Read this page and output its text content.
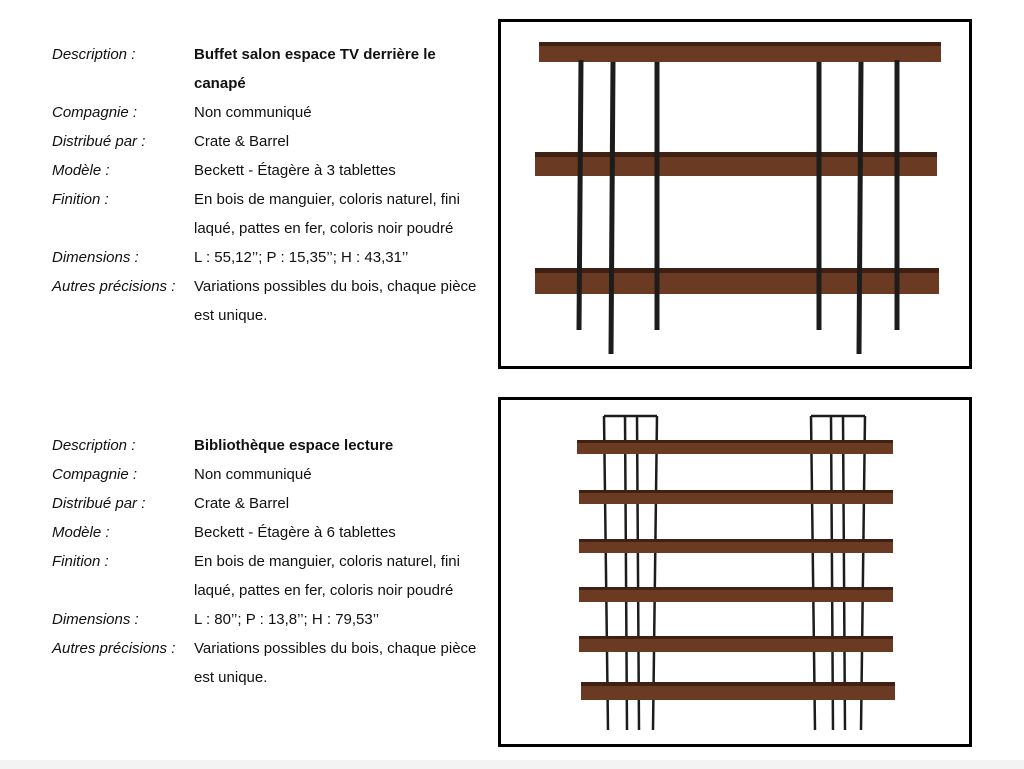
Description :	Buffet salon espace TV derrière le canapé
Compagnie :	Non communiqué
Distribué par :	Crate & Barrel
Modèle :	Beckett - Étagère à 3 tablettes
Finition :	En bois de manguier, coloris naturel, fini laqué, pattes en fer, coloris noir poudré
Dimensions :	L : 55,12’’; P : 15,35’’; H : 43,31’’
Autres précisions :	Variations possibles du bois, chaque pièce est unique.
Description :	Bibliothèque espace lecture
Compagnie :	Non communiqué
Distribué par :	Crate & Barrel
Modèle :	Beckett - Étagère à 6 tablettes
Finition :	En bois de manguier, coloris naturel, fini laqué, pattes en fer, coloris noir poudré
Dimensions :	L : 80’’; P : 13,8’’; H : 79,53’’
Autres précisions :	Variations possibles du bois, chaque pièce est unique.
